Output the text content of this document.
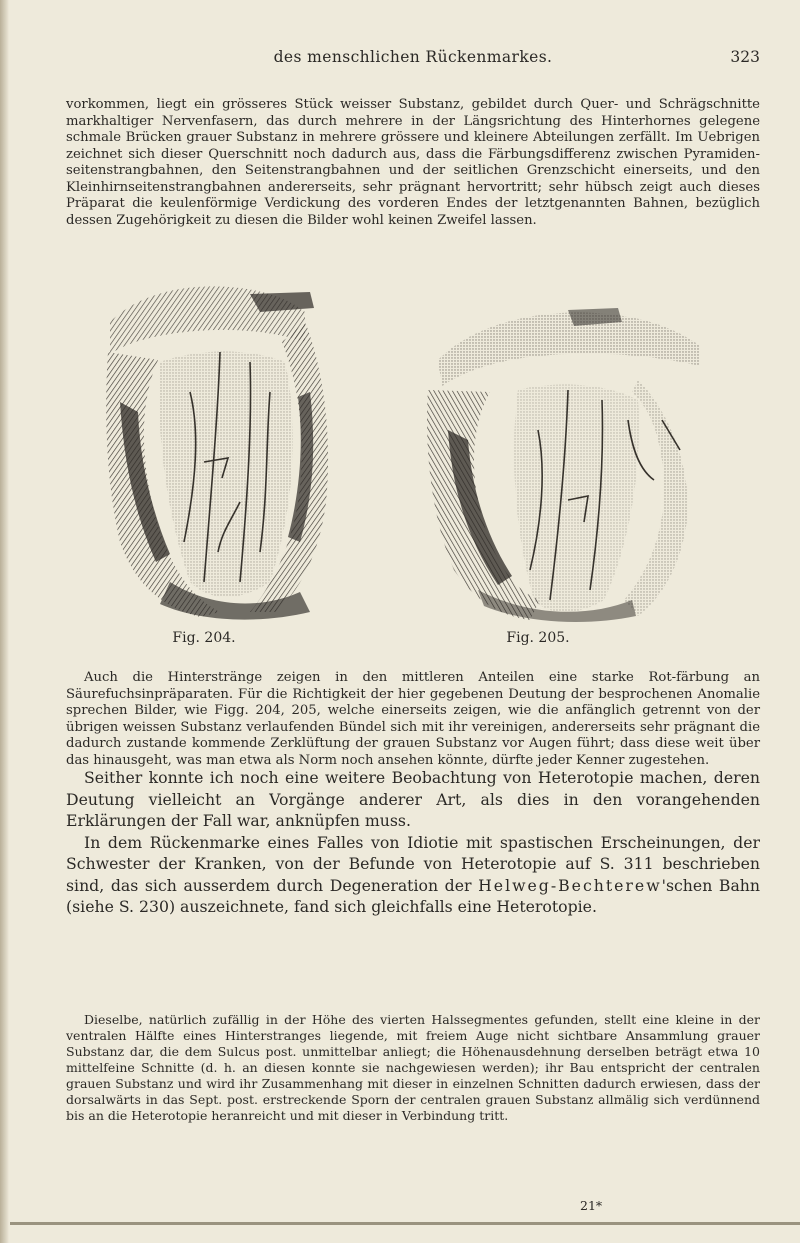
des menschlichen Rückenmarkes.	323

vorkommen, liegt ein grösseres Stück weisser Substanz, gebildet durch Quer- und Schrägschnitte markhaltiger Nervenfasern, das durch mehrere in der Längsrichtung des Hinterhornes gelegene schmale Brücken grauer Substanz in mehrere grössere und kleinere Abteilungen zerfällt. Im Uebrigen zeichnet sich dieser Querschnitt noch dadurch aus, dass die Färbungsdifferenz zwischen Pyramiden-seitenstrangbahnen, den Seitenstrangbahnen und der seitlichen Grenzschicht einerseits, und den Kleinhirnseitenstrangbahnen andererseits, sehr prägnant hervortritt; sehr hübsch zeigt auch dieses Präparat die keulenförmige Verdickung des vorderen Endes der letztgenannten Bahnen, bezüglich dessen Zugehörigkeit zu diesen die Bilder wohl keinen Zweifel lassen.

Fig. 204.	Fig. 205.

Auch die Hinterstränge zeigen in den mittleren Anteilen eine starke Rot-färbung an Säurefuchsinpräparaten. Für die Richtigkeit der hier gegebenen Deutung der besprochenen Anomalie sprechen Bilder, wie Figg. 204, 205, welche einerseits zeigen, wie die anfänglich getrennt von der übrigen weissen Substanz verlaufenden Bündel sich mit ihr vereinigen, andererseits sehr prägnant die dadurch zustande kommende Zerklüftung der grauen Substanz vor Augen führt; dass diese weit über das hinausgeht, was man etwa als Norm noch ansehen könnte, dürfte jeder Kenner zugestehen.

Seither konnte ich noch eine weitere Beobachtung von Heterotopie machen, deren Deutung vielleicht an Vorgänge anderer Art, als dies in den vorangehenden Erklärungen der Fall war, anknüpfen muss.
In dem Rückenmarke eines Falles von Idiotie mit spastischen Erscheinungen, der Schwester der Kranken, von der Befunde von Heterotopie auf S. 311 beschrieben sind, das sich ausserdem durch Degeneration der Helweg-Bechterew'schen Bahn (siehe S. 230) auszeichnete, fand sich gleichfalls eine Heterotopie.

Dieselbe, natürlich zufällig in der Höhe des vierten Halssegmentes gefunden, stellt eine kleine in der ventralen Hälfte eines Hinterstranges liegende, mit freiem Auge nicht sichtbare Ansammlung grauer Substanz dar, die dem Sulcus post. unmittelbar anliegt; die Höhenausdehnung derselben beträgt etwa 10 mittelfeine Schnitte (d. h. an diesen konnte sie nachgewiesen werden); ihr Bau entspricht der centralen grauen Substanz und wird ihr Zusammenhang mit dieser in einzelnen Schnitten dadurch erwiesen, dass der dorsalwärts in das Sept. post. erstreckende Sporn der centralen grauen Substanz allmälig sich verdünnend bis an die Heterotopie heranreicht und mit dieser in Verbindung tritt.

21*
